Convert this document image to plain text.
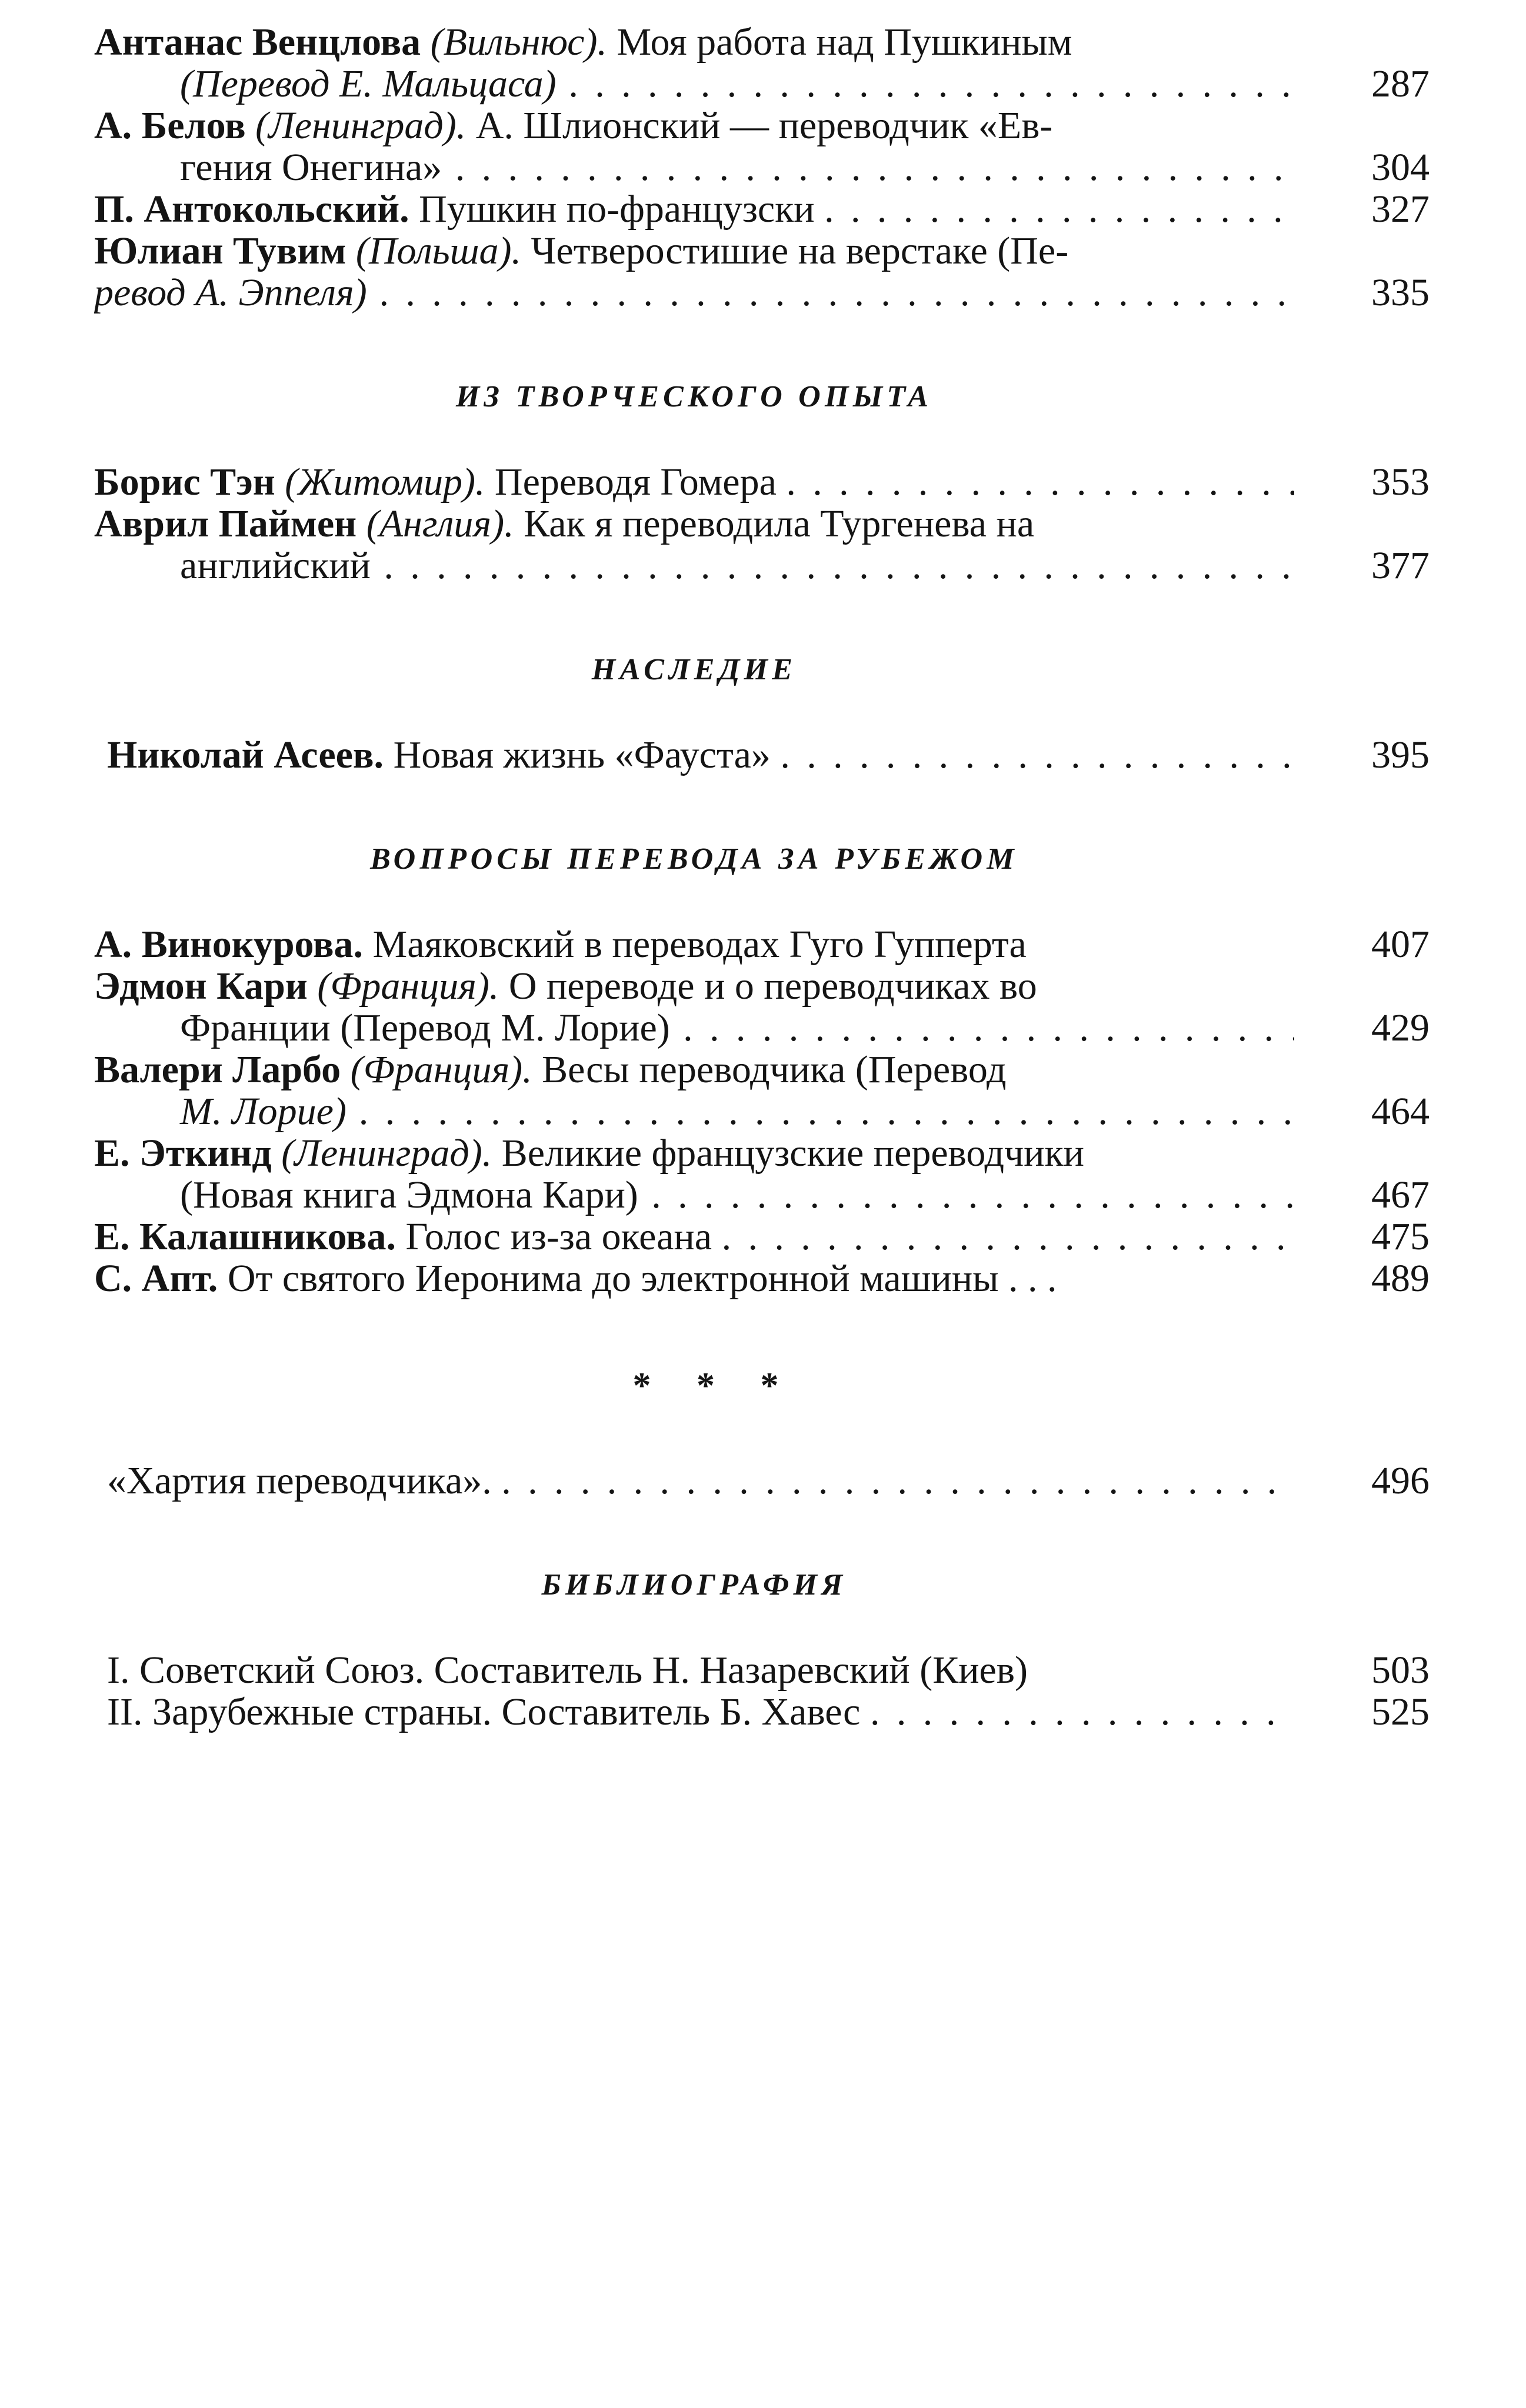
Антанас Венцлова (Вильнюс). Моя работа над Пушкиным
(Перевод Е. Мальцаса) . . .	287
А. Белов (Ленинград). А. Шлионский — переводчик «Ев-
гения Онегина» . . .	304
П. Антокольский. Пушкин по-французски . . .	327
Юлиан Тувим (Польша). Четверостишие на верстаке (Пе-
ревод А. Эппеля) . . .	335
ИЗ ТВОРЧЕСКОГО ОПЫТА
Борис Тэн (Житомир). Переводя Гомера . . .	353
Аврил Паймен (Англия). Как я переводила Тургенева на
английский . . .	377
НАСЛЕДИЕ
Николай Асеев. Новая жизнь «Фауста» . . .	395
ВОПРОСЫ ПЕРЕВОДА ЗА РУБЕЖОМ
А. Винокурова. Маяковский в переводах Гуго Гупперта	407
Эдмон Кари (Франция). О переводе и о переводчиках во
Франции (Перевод М. Лорие) . . .	429
Валери Ларбо (Франция). Весы переводчика (Перевод
М. Лорие) . . .	464
Е. Эткинд (Ленинград). Великие французские переводчики
(Новая книга Эдмона Кари) . . .	467
Е. Калашникова. Голос из-за океана . . .	475
С. Апт. От святого Иеронима до электронной машины . . .	489
* * *
«Хартия переводчика». . . .	496
БИБЛИОГРАФИЯ
I. Советский Союз. Составитель Н. Назаревский (Киев)	503
II. Зарубежные страны. Составитель Б. Хавес . . .	525
